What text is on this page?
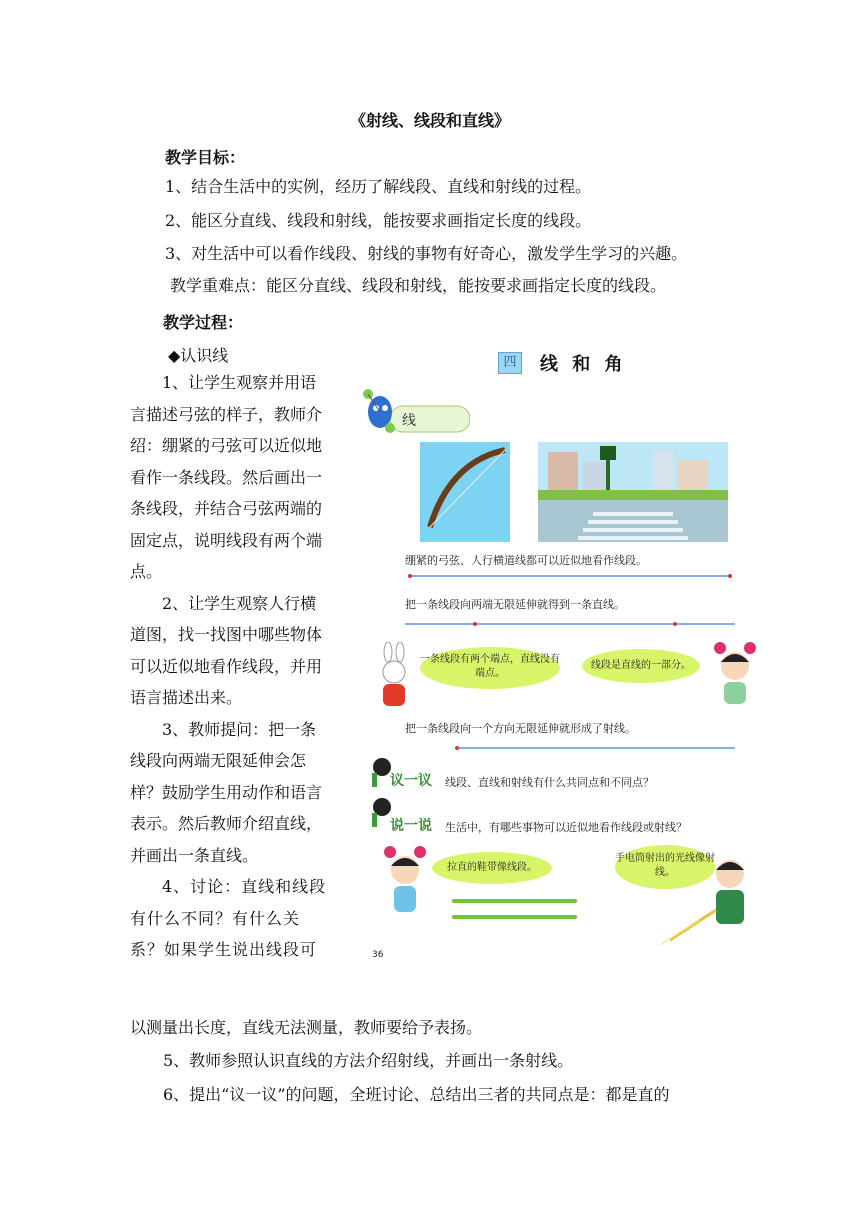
《射线、线段和直线》
教学目标：
1、结合生活中的实例，经历了解线段、直线和射线的过程。
2、能区分直线、线段和射线，能按要求画指定长度的线段。
3、对生活中可以看作线段、射线的事物有好奇心，激发学生学习的兴趣。
教学重难点：能区分直线、线段和射线，能按要求画指定长度的线段。
教学过程：
◆认识线

1、让学生观察并用语言描述弓弦的样子，教师介绍：绷紧的弓弦可以近似地看作一条线段。然后画出一条线段，并结合弓弦两端的固定点，说明线段有两个端点。

2、让学生观察人行横道图，找一找图中哪些物体可以近似地看作线段，并用语言描述出来。

3、教师提问：把一条线段向两端无限延伸会怎样？鼓励学生用动作和语言表示。然后教师介绍直线，并画出一条直线。

4、讨论：直线和线段有什么不同？有什么关系？如果学生说出线段可

以测量出长度，直线无法测量，教师要给予表扬。
5、教师参照认识直线的方法介绍射线，并画出一条射线。
6、提出“议一议”的问题，全班讨论、总结出三者的共同点是：都是直的
四	线 和 角
线
绷紧的弓弦、人行横道线都可以近似地看作线段。
把一条线段向两端无限延伸就得到一条直线。
一条线段有两个端点，直线没有端点。
线段是直线的一部分。
把一条线段向一个方向无限延伸就形成了射线。
议一议 线段、直线和射线有什么共同点和不同点？
说一说 生活中，有哪些事物可以近似地看作线段或射线？
拉直的鞋带像线段。
手电筒射出的光线像射线。
36
